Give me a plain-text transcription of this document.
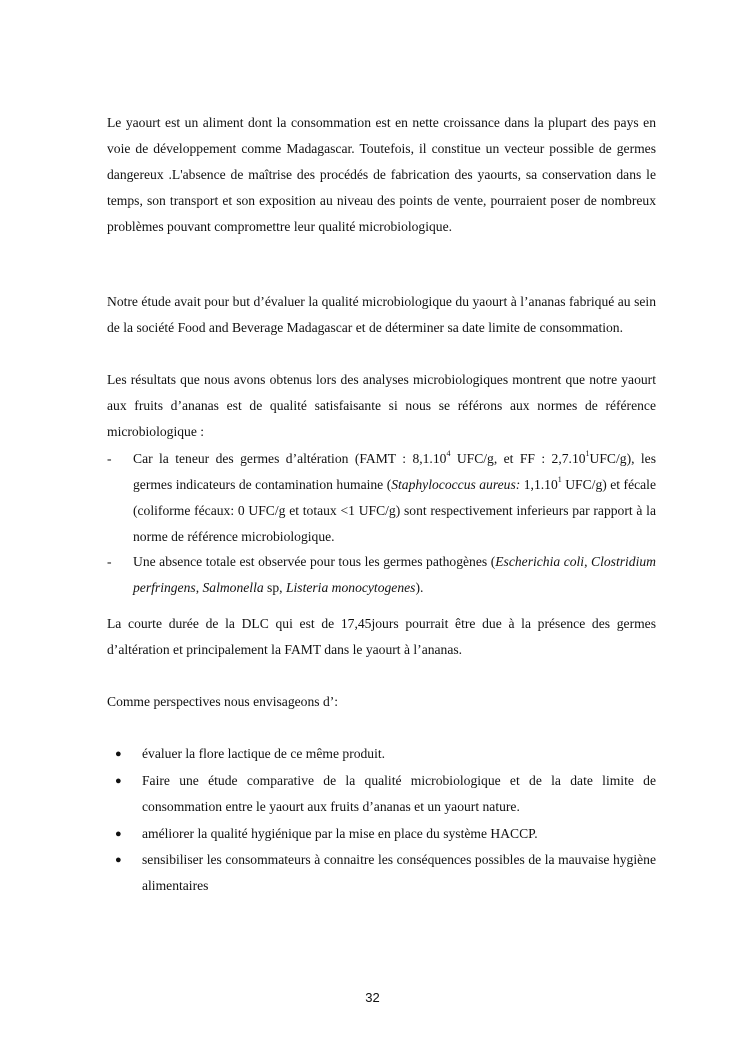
Le yaourt est un aliment dont la consommation est en nette croissance dans la plupart des pays en voie de développement comme Madagascar. Toutefois, il constitue un vecteur possible de germes dangereux .L'absence de maîtrise des procédés de fabrication des yaourts, sa conservation dans le temps, son transport et son exposition au niveau des points de vente, pourraient poser de nombreux problèmes pouvant compromettre leur qualité microbiologique.

Notre étude avait pour but d’évaluer la qualité microbiologique du yaourt à l’ananas fabriqué au sein de la société Food and Beverage Madagascar et de déterminer sa date limite de consommation.

Les résultats que nous avons obtenus lors des analyses microbiologiques montrent que notre yaourt aux fruits d’ananas est de qualité satisfaisante si nous se référons aux normes de référence microbiologique :

-	Car la teneur des germes d’altération (FAMT : 8,1.10$^4$ UFC/g, et FF : 2,7.10$^1$UFC/g), les germes indicateurs de contamination humaine (Staphylococcus aureus: 1,1.10$^1$ UFC/g) et fécale (coliforme fécaux: 0 UFC/g et totaux <1 UFC/g) sont respectivement inferieurs par rapport à la norme de référence microbiologique.
-	Une absence totale est observée pour tous les germes pathogènes (Escherichia coli, Clostridium perfringens, Salmonella sp, Listeria monocytogenes).

La courte durée de la DLC qui est de 17,45jours pourrait être due à la présence des germes d’altération et principalement la FAMT dans le yaourt à l’ananas.

Comme perspectives nous envisageons d’:

● évaluer la flore lactique de ce même produit.
● Faire une étude comparative de la qualité microbiologique et de la date limite de consommation entre le yaourt aux fruits d’ananas et un yaourt nature.
● améliorer la qualité hygiénique par la mise en place du système HACCP.
● sensibiliser les consommateurs à connaitre les conséquences possibles de la mauvaise hygiène alimentaires
32
